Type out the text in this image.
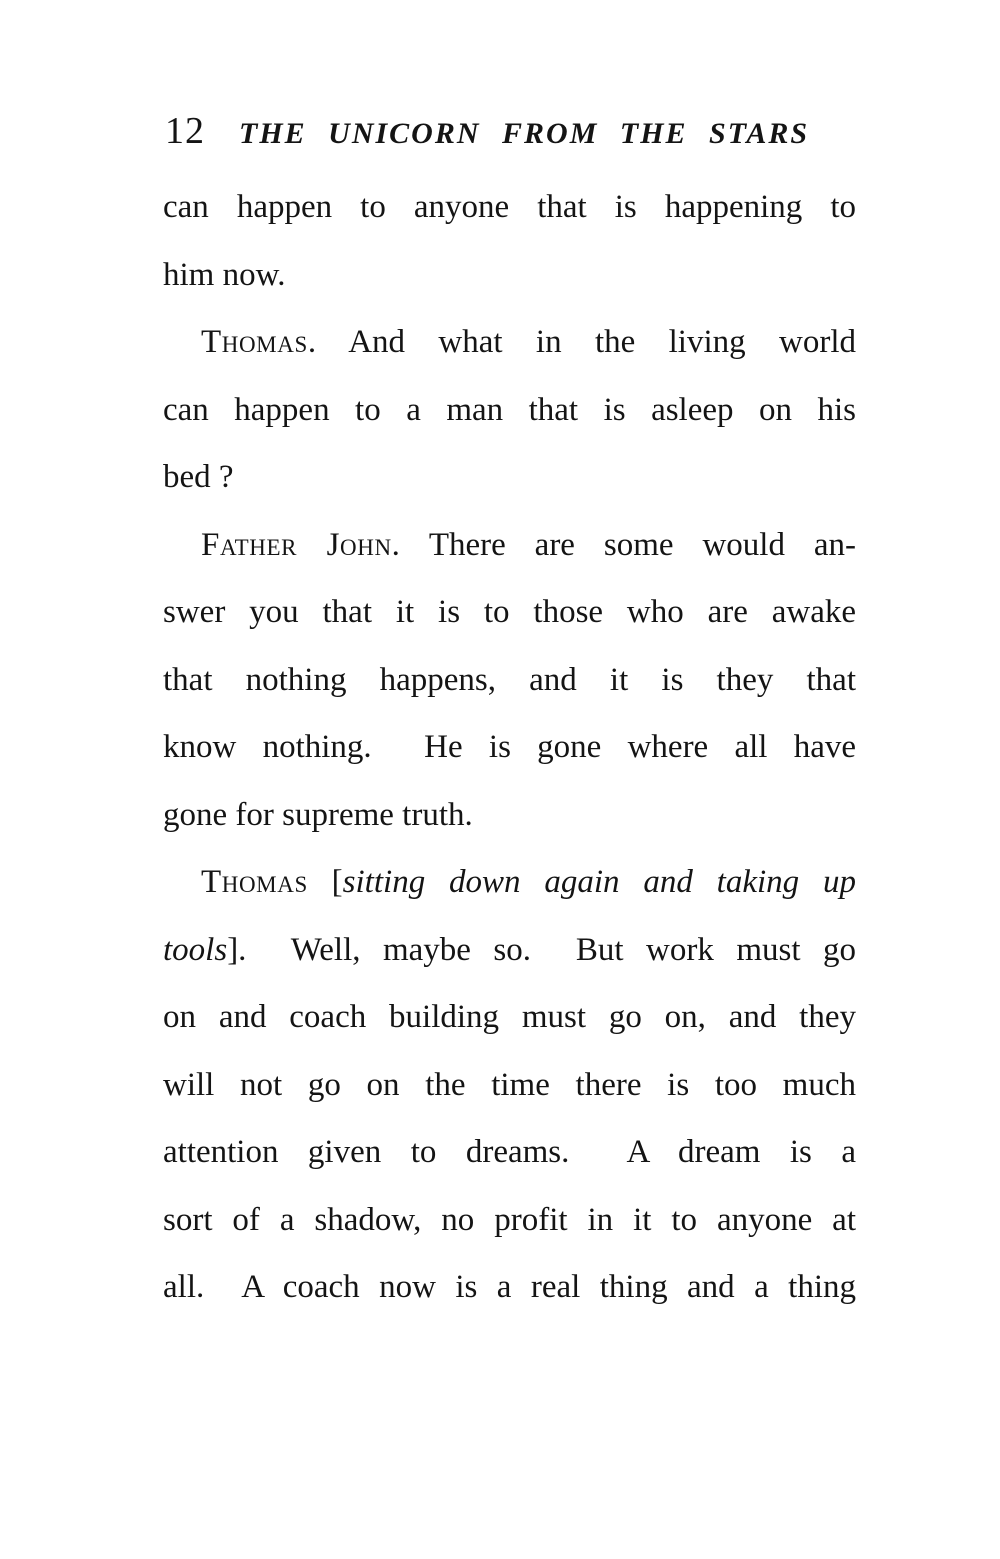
12 THE UNICORN FROM THE STARS
can happen to anyone that is happening to
him now.
Thomas. And what in the living world
can happen to a man that is asleep on his
bed ?
Father John. There are some would an-
swer you that it is to those who are awake
that nothing happens, and it is they that
know nothing.  He is gone where all have
gone for supreme truth.
Thomas [sitting down again and taking up
tools].  Well, maybe so.  But work must go
on and coach building must go on, and they
will not go on the time there is too much
attention given to dreams.  A dream is a
sort of a shadow, no profit in it to anyone at
all.  A coach now is a real thing and a thing
